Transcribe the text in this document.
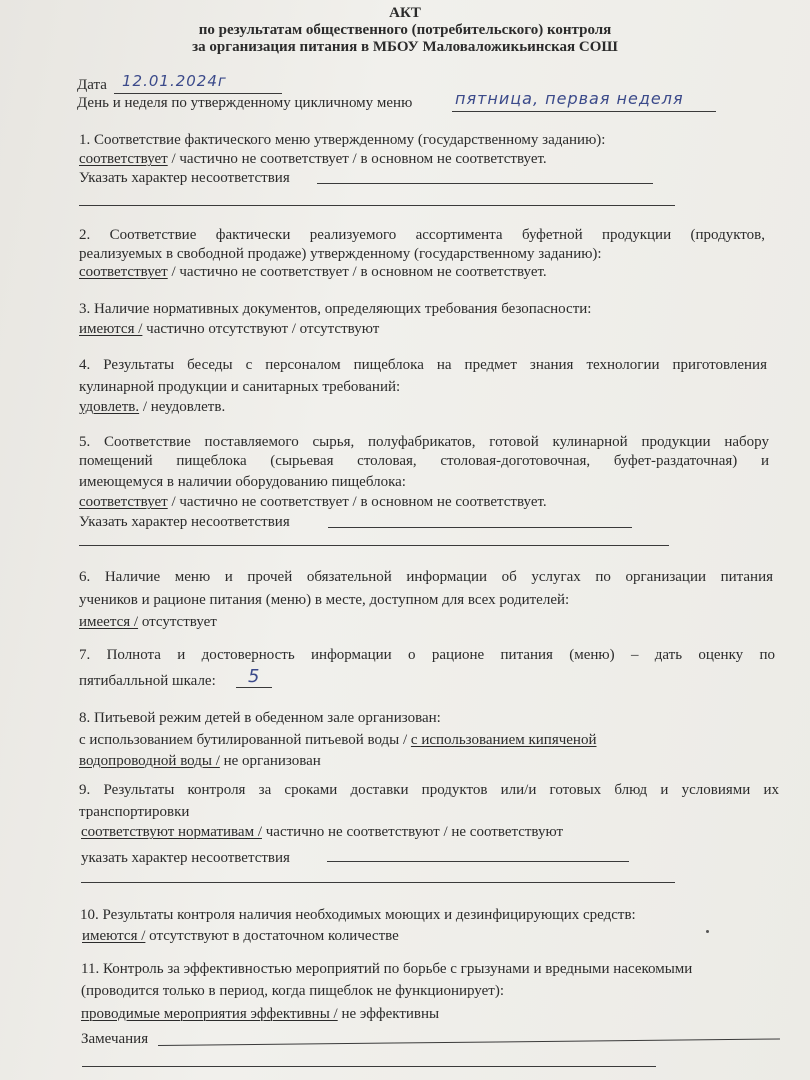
АКТ
по результатам общественного (потребительского) контроля
за организация питания в МБОУ Маловаложикьинская СОШ
Дата 12.01.2024г
День и неделя по утвержденному цикличному меню	пятница, первая неделя
1. Соответствие фактического меню утвержденному (государственному заданию):
соответствует / частично не соответствует / в основном не соответствует.
Указать характер несоответствия
2. Соответствие фактически реализуемого ассортимента буфетной продукции (продуктов,
реализуемых в свободной продаже) утвержденному (государственному заданию):
соответствует / частично не соответствует / в основном не соответствует.
3. Наличие нормативных документов, определяющих требования безопасности:
имеются / частично отсутствуют / отсутствуют
4. Результаты беседы с персоналом пищеблока на предмет знания технологии приготовления
кулинарной продукции и санитарных требований:
удовлетв. / неудовлетв.
5. Соответствие поставляемого сырья, полуфабрикатов, готовой кулинарной продукции набору
помещений пищеблока (сырьевая столовая, столовая-доготовочная, буфет-раздаточная) и
имеющемуся в наличии оборудованию пищеблока:
соответствует / частично не соответствует / в основном не соответствует.
Указать характер несоответствия
6. Наличие меню и прочей обязательной информации об услугах по организации питания
учеников и рационе питания (меню) в месте, доступном для всех родителей:
имеется / отсутствует
7. Полнота и достоверность информации о рационе питания (меню) – дать оценку по
пятибалльной шкале: 5
8. Питьевой режим детей в обеденном зале организован:
с использованием бутилированной питьевой воды / с использованием кипяченой
водопроводной воды / не организован
9. Результаты контроля за сроками доставки продуктов или/и готовых блюд и условиями их
транспортировки
соответствуют нормативам / частично не соответствуют / не соответствуют
указать характер несоответствия
10. Результаты контроля наличия необходимых моющих и дезинфицирующих средств:
имеются / отсутствуют в достаточном количестве
11. Контроль за эффективностью мероприятий по борьбе с грызунами и вредными насекомыми
(проводится только в период, когда пищеблок не функционирует):
проводимые мероприятия эффективны / не эффективны
Замечания
